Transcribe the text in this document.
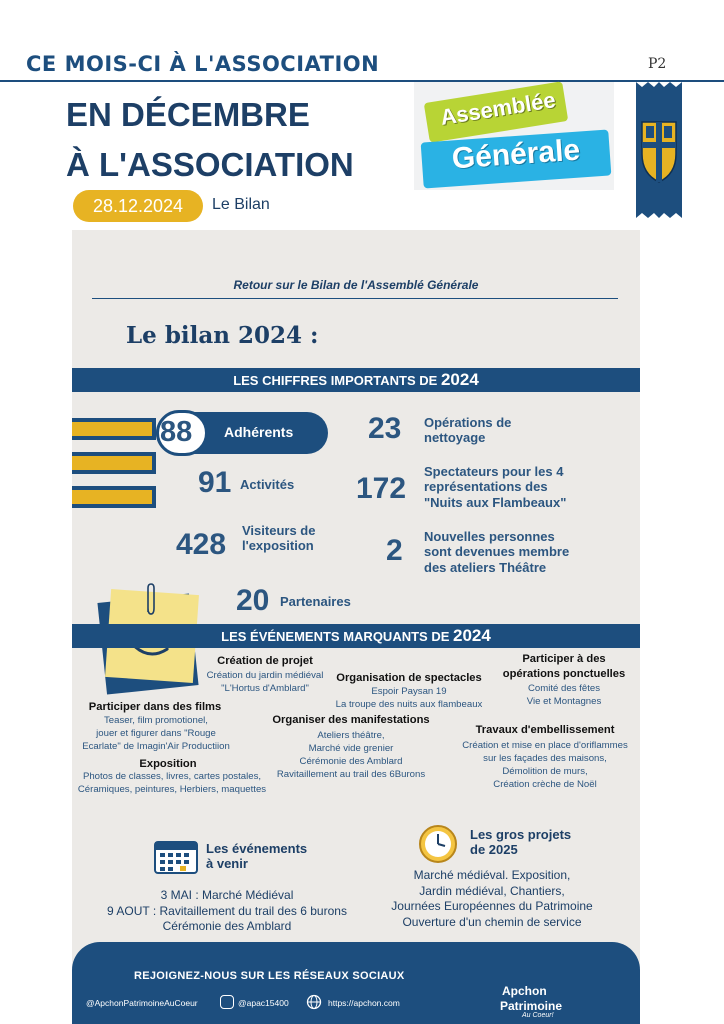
CE MOIS-CI À L'ASSOCIATION	P2
EN DÉCEMBRE
À L'ASSOCIATION
28.12.2024	Le Bilan
Assemblée
Générale
Retour sur le Bilan de l'Assemblé Générale
Le bilan 2024 :
LES CHIFFRES IMPORTANTS DE 2024
88 Adhérents
91 Activités
428 Visiteurs de
l'exposition
20 Partenaires
23 Opérations de
nettoyage
172
Spectateurs pour les 4
représentations des
"Nuits aux Flambeaux"
2 Nouvelles personnes
sont devenues membre
des ateliers Théâtre
LES ÉVÉNEMENTS MARQUANTS DE 2024
Création de projet
Création du jardin médiéval
"L'Hortus d'Amblard"
Organisation de spectacles
Espoir Paysan 19
La troupe des nuits aux flambeaux
Participer à des
opérations ponctuelles
Comité des fêtes
Vie et Montagnes
Participer dans des films
Teaser, film promotionel,
jouer et figurer dans "Rouge
Ecarlate" de Imagin'Air Productiion
Organiser des manifestations
Ateliers théâtre,
Marché vide grenier
Cérémonie des Amblard
Ravitaillement au trail des 6Burons
Travaux d'embellissement
Création et mise en place d'oriflammes
sur les façades des maisons,
Démolition de murs,
Création crèche de Noël
Exposition
Photos de classes, livres, cartes postales,
Céramiques, peintures, Herbiers, maquettes
Les événements
à venir
3 MAI : Marché Médiéval
9 AOUT : Ravitaillement du trail des 6 burons
Cérémonie des Amblard
Les gros projets
de 2025
Marché médiéval. Exposition,
Jardin médiéval, Chantiers,
Journées Européennes du Patrimoine
Ouverture d'un chemin de service
REJOIGNEZ-NOUS SUR LES RÉSEAUX SOCIAUX
@ApchonPatrimoineAuCoeur	@apac15400	https://apchon.com
Apchon
Patrimoine
Au Coeur!
